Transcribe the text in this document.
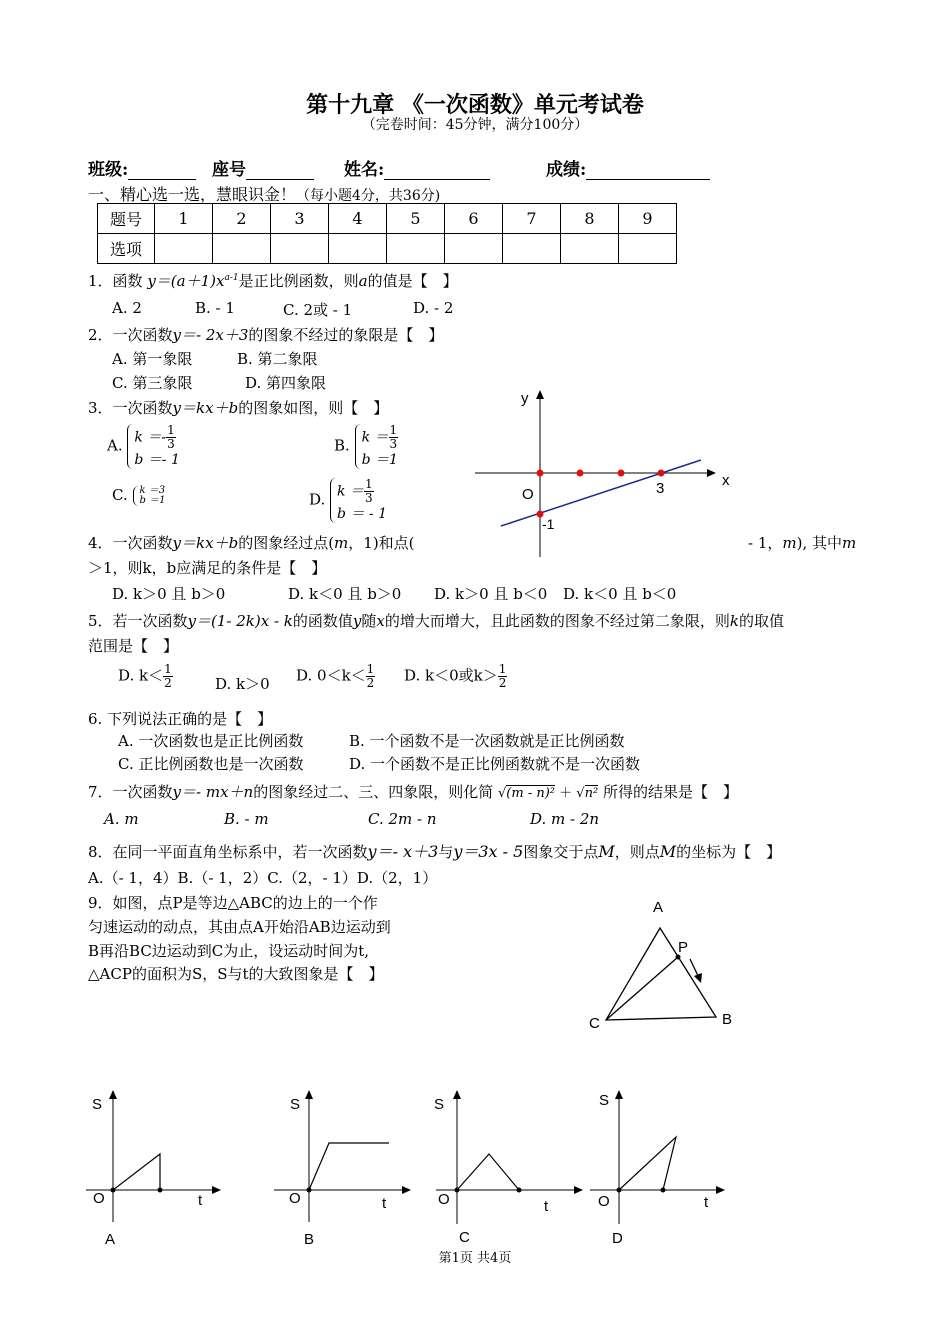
第十九章 《一次函数》单元考试卷
（完卷时间：45分钟，满分100分）
班级:	座号	姓名:	成绩:
一、精心选一选，慧眼识金！（每小题4分，共36分)
题号	1	2	3	4	5	6	7	8	9
选项									
1．函数 $y=(a+1)x^{a-1}$是正比例函数，则a的值是【　】
A. 2	B. - 1	C. 2或 - 1	D. - 2
2．一次函数y＝- 2x＋3的图象不经过的象限是【　】
A. 第一象限	B. 第二象限
C. 第三象限	D. 第四象限
3．一次函数y＝kx＋b的图象如图，则【　】
A. $k =- \frac{1}{3}$

b ＝- 1
B. $k = \frac{1}{3}$

b ＝1
C. k ＝3
b ＝1	D. $k = \frac{1}{3}$

b ＝ - 1
y
x
O	3
-1
4．一次函数y＝kx＋b的图象经过点(m，1)和点(	- 1，m), 其中m
＞1，则k，b应满足的条件是【　】
D. k＞0 且 b＞0	D. k＜0 且 b＞0 D. k＞0 且 b＜0 D. k＜0 且 b＜0
5．若一次函数y＝(1- 2k)x - k的函数值y随x的增大而增大，且此函数的图象不经过第二象限，则k的取值
范围是【　】
D. $k< \frac{1}{2}$	D. k＞0 D. $0<k< \frac{1}{2} D$. k＜0或$k> \frac{1}{2}$
6. 下列说法正确的是【　】
A. 一次函数也是正比例函数	B. 一个函数不是一次函数就是正比例函数
C. 正比例函数也是一次函数	D. 一个函数不是正比例函数就不是一次函数
7．一次函数y＝- mx＋n的图象经过二、三、四象限，则化简 √(m - n)² ＋ √n² 所得的结果是【　】
A. m	B. - m	C. 2m - n	D. m - 2n
8．在同一平面直角坐标系中，若一次函数y＝- x＋3与y＝3x - 5图象交于点M，则点M的坐标为【　】
A.（- 1，4）B.（- 1，2）C.（2，- 1）D.（2，1）
9．如图，点P是等边△ABC的边上的一个作
匀速运动的动点，其由点A开始沿AB边运动到
B再沿BC边运动到C为止，设运动时间为t,
△ACP的面积为S，S与t的大致图象是【　】
A
B
C
P
S
O	t
A
S
O	t
B
S
O	t
C
S
O	t
D
第1页 共4页
